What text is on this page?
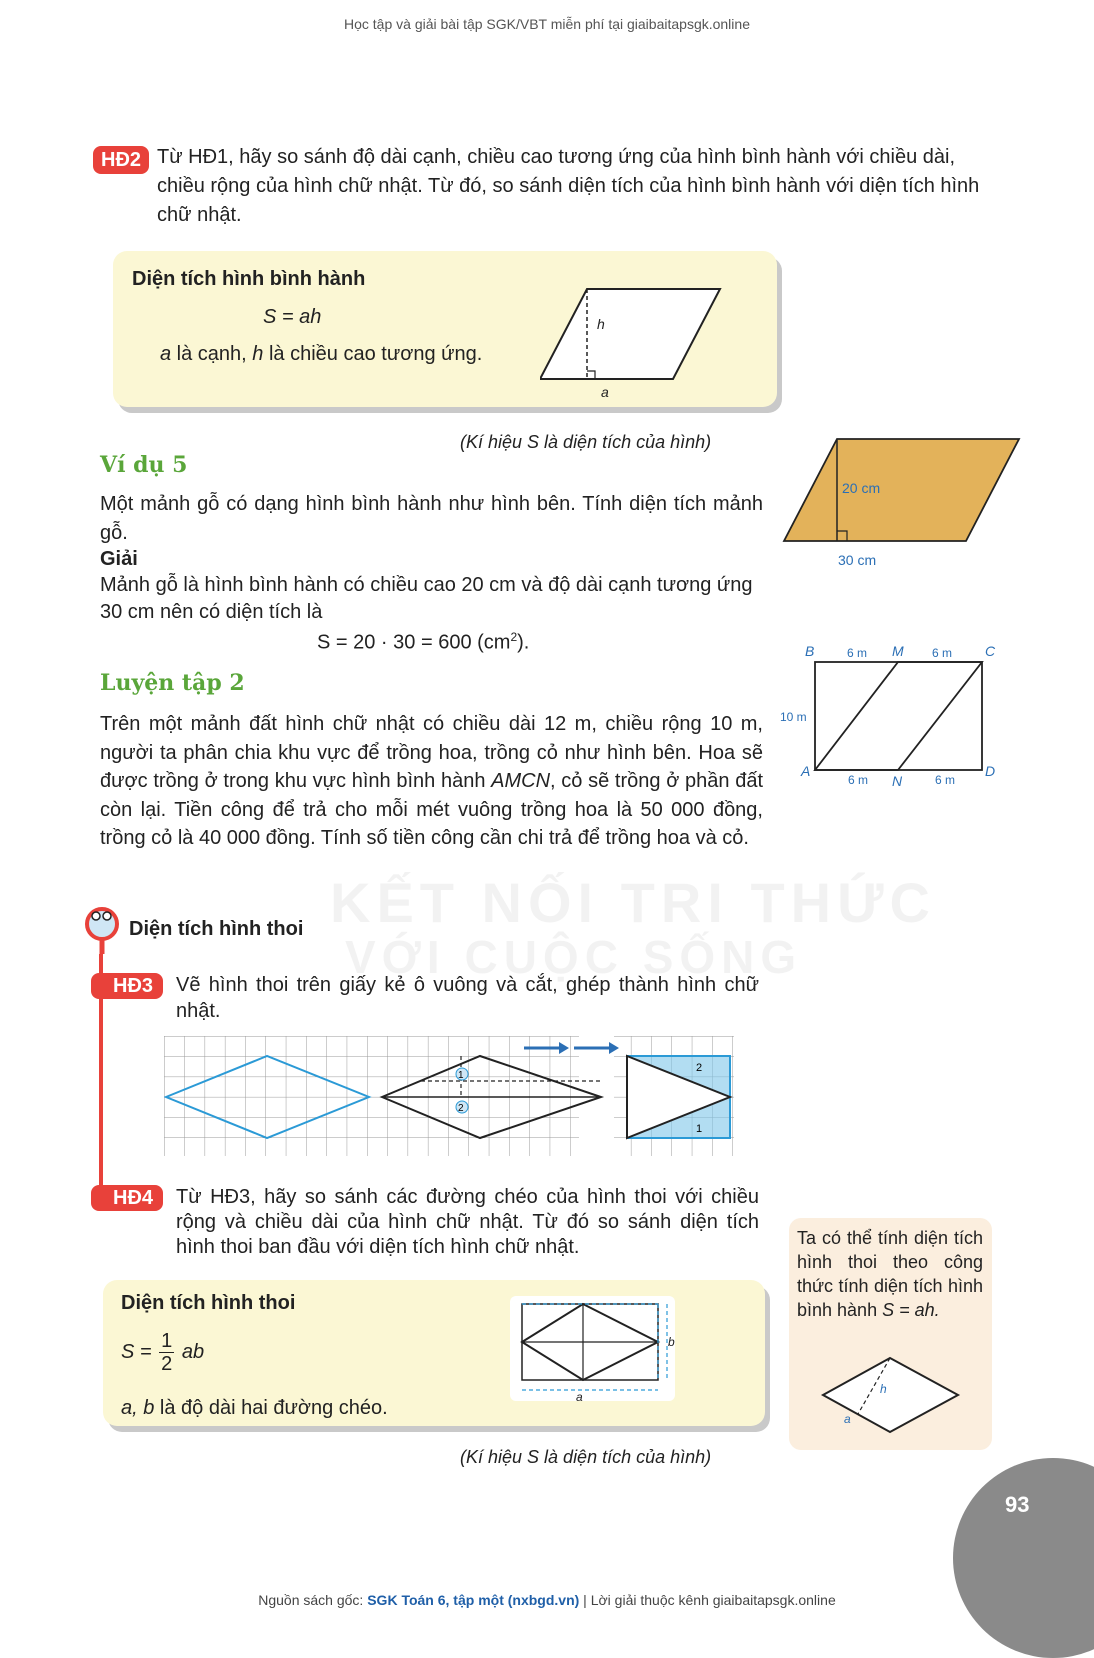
Học tập và giải bài tập SGK/VBT miễn phí tại giaibaitapsgk.online
KẾT NỐI TRI THỨC
VỚI CUỘC SỐNG
HĐ2 Từ HĐ1, hãy so sánh độ dài cạnh, chiều cao tương ứng của hình bình hành với chiều dài, chiều rộng của hình chữ nhật. Từ đó, so sánh diện tích của hình bình hành với diện tích hình chữ nhật.
Diện tích hình bình hành
S = ah
a là cạnh, h là chiều cao tương ứng.
h
a
(Kí hiệu S là diện tích của hình)
Ví dụ 5
Một mảnh gỗ có dạng hình bình hành như hình bên. Tính diện tích mảnh gỗ.
Giải
Mảnh gỗ là hình bình hành có chiều cao 20 cm và độ dài cạnh tương ứng 30 cm nên có diện tích là
S = 20 · 30 = 600 $(cm^2)$.
20 cm
30 cm
Luyện tập 2
Trên một mảnh đất hình chữ nhật có chiều dài 12 m, chiều rộng 10 m, người ta phân chia khu vực để trồng hoa, trồng cỏ như hình bên. Hoa sẽ được trồng ở trong khu vực hình bình hành AMCN, cỏ sẽ trồng ở phần đất còn lại. Tiền công để trả cho mỗi mét vuông trồng hoa là 50 000 đồng, trồng cỏ là 40 000 đồng. Tính số tiền công cần chi trả để trồng hoa và cỏ.
B	M	C
A
N
D
6 m	6 m
6 m	6 m
10 m
Diện tích hình thoi
HĐ3	Vẽ hình thoi trên giấy kẻ ô vuông và cắt, ghép thành hình chữ nhật.
1
2
2
1
HĐ4	Từ HĐ3, hãy so sánh các đường chéo của hình thoi với chiều rộng và chiều dài của hình chữ nhật. Từ đó so sánh diện tích hình thoi ban đầu với diện tích hình chữ nhật.
Diện tích hình thoi
$S = \frac{1}{2}$ ab
a, b là độ dài hai đường chéo.	a
b
(Kí hiệu S là diện tích của hình)
Ta có thể tính diện tích hình thoi theo công thức tính diện tích hình bình hành S = ah.
h
a
93
Nguồn sách gốc: SGK Toán 6, tập một (nxbgd.vn) | Lời giải thuộc kênh giaibaitapsgk.online
